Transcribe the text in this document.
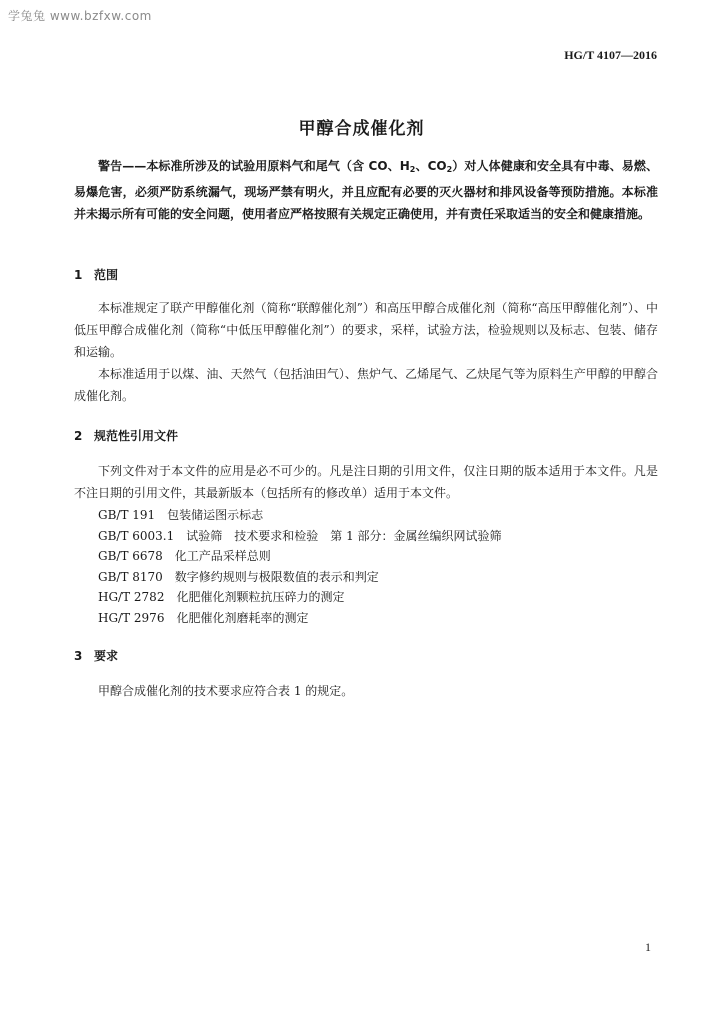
学兔兔 www.bzfxw.com
HG/T 4107—2016
甲醇合成催化剂
警告——本标准所涉及的试验用原料气和尾气（含 CO、$H_2$、$CO_2$）对人体健康和安全具有中毒、易燃、易爆危害，必须严防系统漏气，现场严禁有明火，并且应配有必要的灭火器材和排风设备等预防措施。本标准并未揭示所有可能的安全问题，使用者应严格按照有关规定正确使用，并有责任采取适当的安全和健康措施。
1 范围
本标准规定了联产甲醇催化剂（简称“联醇催化剂”）和高压甲醇合成催化剂（简称“高压甲醇催化剂”）、中低压甲醇合成催化剂（简称“中低压甲醇催化剂”）的要求，采样，试验方法，检验规则以及标志、包装、储存和运输。
本标准适用于以煤、油、天然气（包括油田气）、焦炉气、乙烯尾气、乙炔尾气等为原料生产甲醇的甲醇合成催化剂。
2 规范性引用文件
下列文件对于本文件的应用是必不可少的。凡是注日期的引用文件，仅注日期的版本适用于本文件。凡是不注日期的引用文件，其最新版本（包括所有的修改单）适用于本文件。
GB/T 191　包装储运图示标志
GB/T 6003.1　试验筛　技术要求和检验　第 1 部分：金属丝编织网试验筛
GB/T 6678　化工产品采样总则
GB/T 8170　数字修约规则与极限数值的表示和判定
HG/T 2782　化肥催化剂颗粒抗压碎力的测定
HG/T 2976　化肥催化剂磨耗率的测定
3 要求
甲醇合成催化剂的技术要求应符合表 1 的规定。
1
